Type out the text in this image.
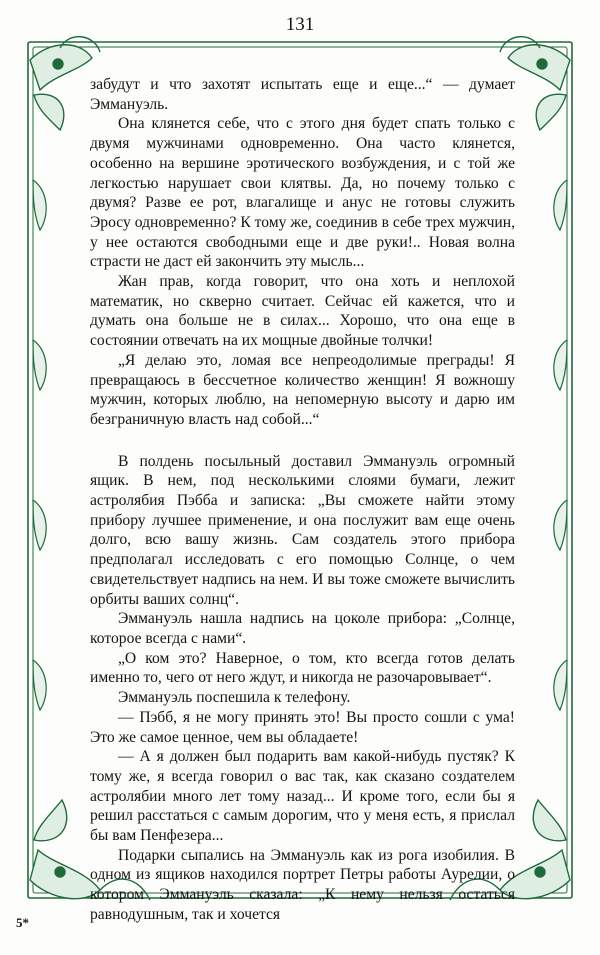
131

забудут и что захотят испытать еще и еще...“ — думает Эммануэль.

Она клянется себе, что с этого дня будет спать только с двумя мужчинами одновременно. Она часто клянется, особенно на вершине эротического возбуждения, и с той же легкостью нарушает свои клятвы. Да, но почему только с двумя? Разве ее рот, влагалище и анус не готовы служить Эросу одновременно? К тому же, соединив в себе трех мужчин, у нее остаются свободными еще и две руки!.. Новая волна страсти не даст ей закончить эту мысль...

Жан прав, когда говорит, что она хоть и неплохой математик, но скверно считает. Сейчас ей кажется, что и думать она больше не в силах... Хорошо, что она еще в состоянии отвечать на их мощные двойные толчки!

„Я делаю это, ломая все непреодолимые преграды! Я превращаюсь в бессчетное количество женщин! Я вожношу мужчин, которых люблю, на непомерную высоту и дарю им безграничную власть над собой...“

В полдень посыльный доставил Эммануэль огромный ящик. В нем, под несколькими слоями бумаги, лежит астролябия Пэбба и записка: „Вы сможете найти этому прибору лучшее применение, и она послужит вам еще очень долго, всю вашу жизнь. Сам создатель этого прибора предполагал исследовать с его помощью Солнце, о чем свидетельствует надпись на нем. И вы тоже сможете вычислить орбиты ваших солнц“.

Эммануэль нашла надпись на цоколе прибора: „Солнце, которое всегда с нами“.

„О ком это? Наверное, о том, кто всегда готов делать именно то, чего от него ждут, и никогда не разочаровывает“.

Эммануэль поспешила к телефону.

— Пэбб, я не могу принять это! Вы просто сошли с ума! Это же самое ценное, чем вы обладаете!

— А я должен был подарить вам какой-нибудь пустяк? К тому же, я всегда говорил о вас так, как сказано создателем астролябии много лет тому назад... И кроме того, если бы я решил расстаться с самым дорогим, что у меня есть, я прислал бы вам Пенфезера...

Подарки сыпались на Эммануэль как из рога изобилия. В одном из ящиков находился портрет Петры работы Аурелии, о котором Эммануэль сказала: „К нему нельзя остаться равнодушным, так и хочется

5*
